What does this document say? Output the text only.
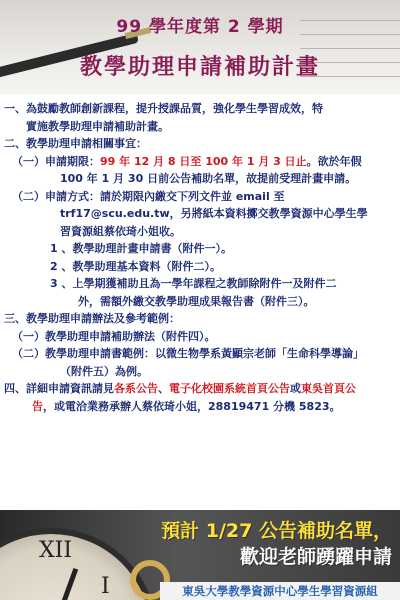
99 學年度第 2 學期
教學助理申請補助計畫
一、為鼓勵教師創新課程，提升授課品質，強化學生學習成效，特
　　實施教學助理申請補助計畫。
二、教學助理申請相關事宜：
（一）申請期限：99 年 12 月 8 日至 100 年 1 月 3 日止。欲於年假
100 年 1 月 30 日前公告補助名單，故提前受理計畫申請。
（二）申請方式：請於期限內繳交下列文件並 email 至
trf17@scu.edu.tw，另將紙本資料擲交教學資源中心學生學
習資源組蔡依琦小姐收。
1 、教學助理計畫申請書（附件一）。
2 、教學助理基本資料（附件二）。
3 、上學期獲補助且為一學年課程之教師除附件一及附件二
外，需額外繳交教學助理成果報告書（附件三）。
三、教學助理申請辦法及參考範例：
（一）教學助理申請補助辦法（附件四）。
（二）教學助理申請書範例：以微生物學系黃顯宗老師「生命科學導論」
（附件五）為例。
四、詳細申請資訊請見各系公告、電子化校園系統首頁公告或東吳首頁公
告，或電洽業務承辦人蔡依琦小姐，28819471 分機 5823。
XII
I
預計 1/27 公告補助名單，
歡迎老師踴躍申請
東吳大學教學資源中心學生學習資源組
